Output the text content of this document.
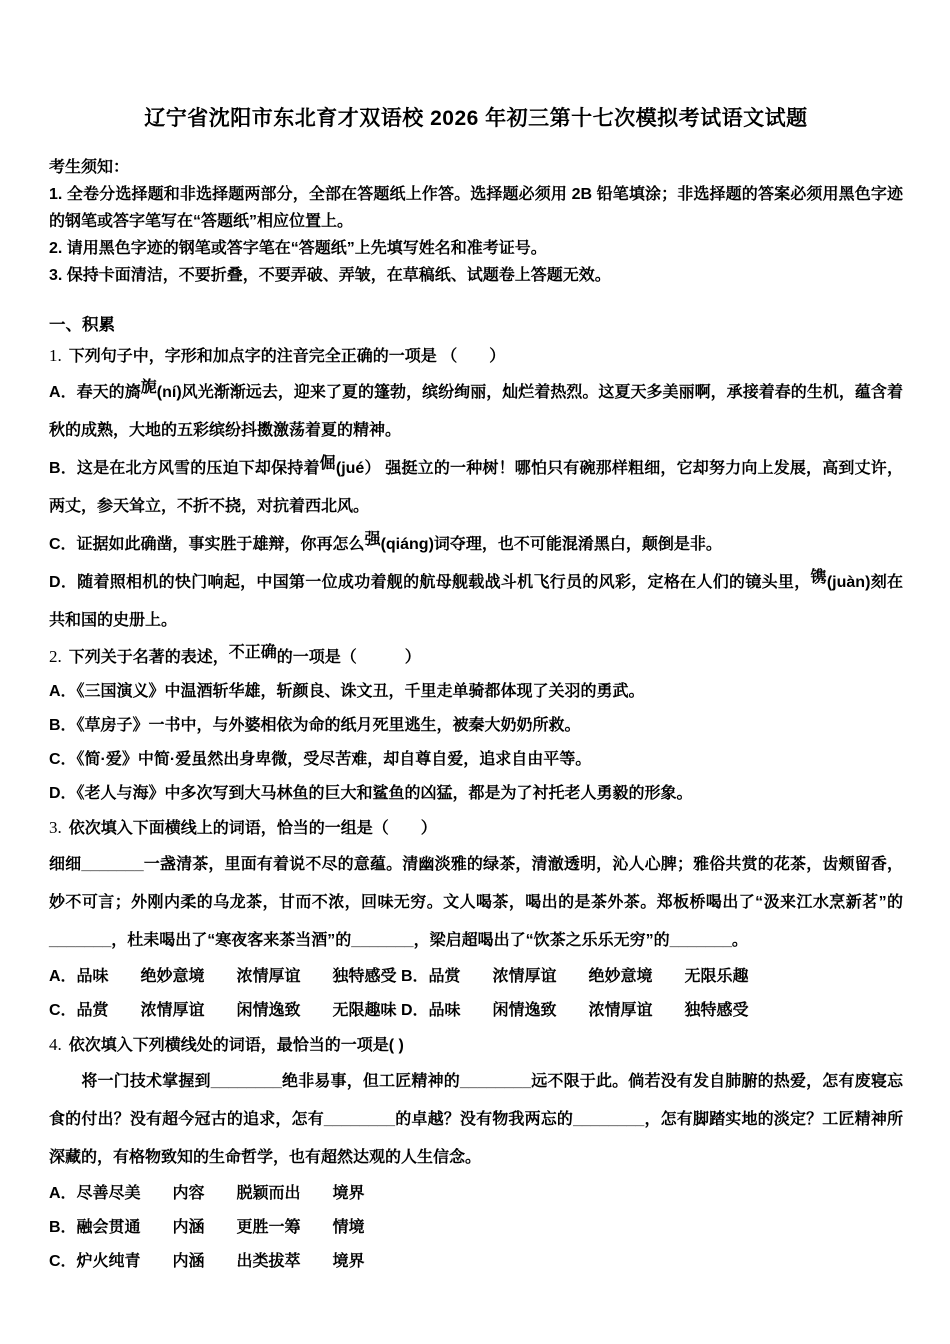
辽宁省沈阳市东北育才双语校 2026 年初三第十七次模拟考试语文试题

考生须知：

1. 全卷分选择题和非选择题两部分，全部在答题纸上作答。选择题必须用 2B 铅笔填涂；非选择题的答案必须用黑色字迹的钢笔或答字笔写在“答题纸”相应位置上。

2. 请用黑色字迹的钢笔或答字笔在“答题纸”上先填写姓名和准考证号。

3. 保持卡面清洁，不要折叠，不要弄破、弄皱，在草稿纸、试题卷上答题无效。

一、积累

1. 下列句子中，字形和加点字的注音完全正确的一项是 （　　）

A．春天的旖旎(ní)风光渐渐远去，迎来了夏的篷勃，缤纷绚丽，灿烂着热烈。这夏天多美丽啊，承接着春的生机，蕴含着秋的成熟，大地的五彩缤纷抖擞激荡着夏的精神。

B．这是在北方风雪的压迫下却保持着倔(jué） 强挺立的一种树！哪怕只有碗那样粗细，它却努力向上发展，高到丈许，两丈，参天耸立，不折不挠，对抗着西北风。

C．证据如此确凿，事实胜于雄辩，你再怎么强(qiáng)词夺理，也不可能混淆黑白，颠倒是非。

D．随着照相机的快门响起，中国第一位成功着舰的航母舰载战斗机飞行员的风彩，定格在人们的镜头里，镌(juàn)刻在共和国的史册上。

2. 下列关于名著的表述，不正确的一项是（　　　）

A．《三国演义》中温酒斩华雄，斩颜良、诛文丑，千里走单骑都体现了关羽的勇武。

B．《草房子》一书中，与外婆相依为命的纸月死里逃生，被秦大奶奶所救。

C．《简·爱》中简·爱虽然出身卑微，受尽苦难，却自尊自爱，追求自由平等。

D．《老人与海》中多次写到大马林鱼的巨大和鲨鱼的凶猛，都是为了衬托老人勇毅的形象。

3. 依次填入下面横线上的词语，恰当的一组是（　　）

细细_______一盏清茶，里面有着说不尽的意蕴。清幽淡雅的绿茶，清澈透明，沁人心脾；雅俗共赏的花茶，齿颊留香，妙不可言；外刚内柔的乌龙茶，甘而不浓，回味无穷。文人喝茶，喝出的是茶外茶。郑板桥喝出了“汲来江水烹新茗”的_______，杜耒喝出了“寒夜客来茶当酒”的_______，梁启超喝出了“饮茶之乐乐无穷”的_______。

A．品味　　绝妙意境　　浓情厚谊　　独特感受 B．品赏　　浓情厚谊　　绝妙意境　　无限乐趣

C．品赏　　浓情厚谊　　闲情逸致　　无限趣味 D．品味　　闲情逸致　　浓情厚谊　　独特感受

4. 依次填入下列横线处的词语，最恰当的一项是( )

　　将一门技术掌握到________绝非易事，但工匠精神的________远不限于此。倘若没有发自肺腑的热爱，怎有废寝忘食的付出？没有超今冠古的追求，怎有________的卓越？没有物我两忘的________，怎有脚踏实地的淡定？工匠精神所深藏的，有格物致知的生命哲学，也有超然达观的人生信念。

A．尽善尽美　　内容　　脱颖而出　　境界

B．融会贯通　　内涵　　更胜一筹　　情境

C．炉火纯青　　内涵　　出类拔萃　　境界
